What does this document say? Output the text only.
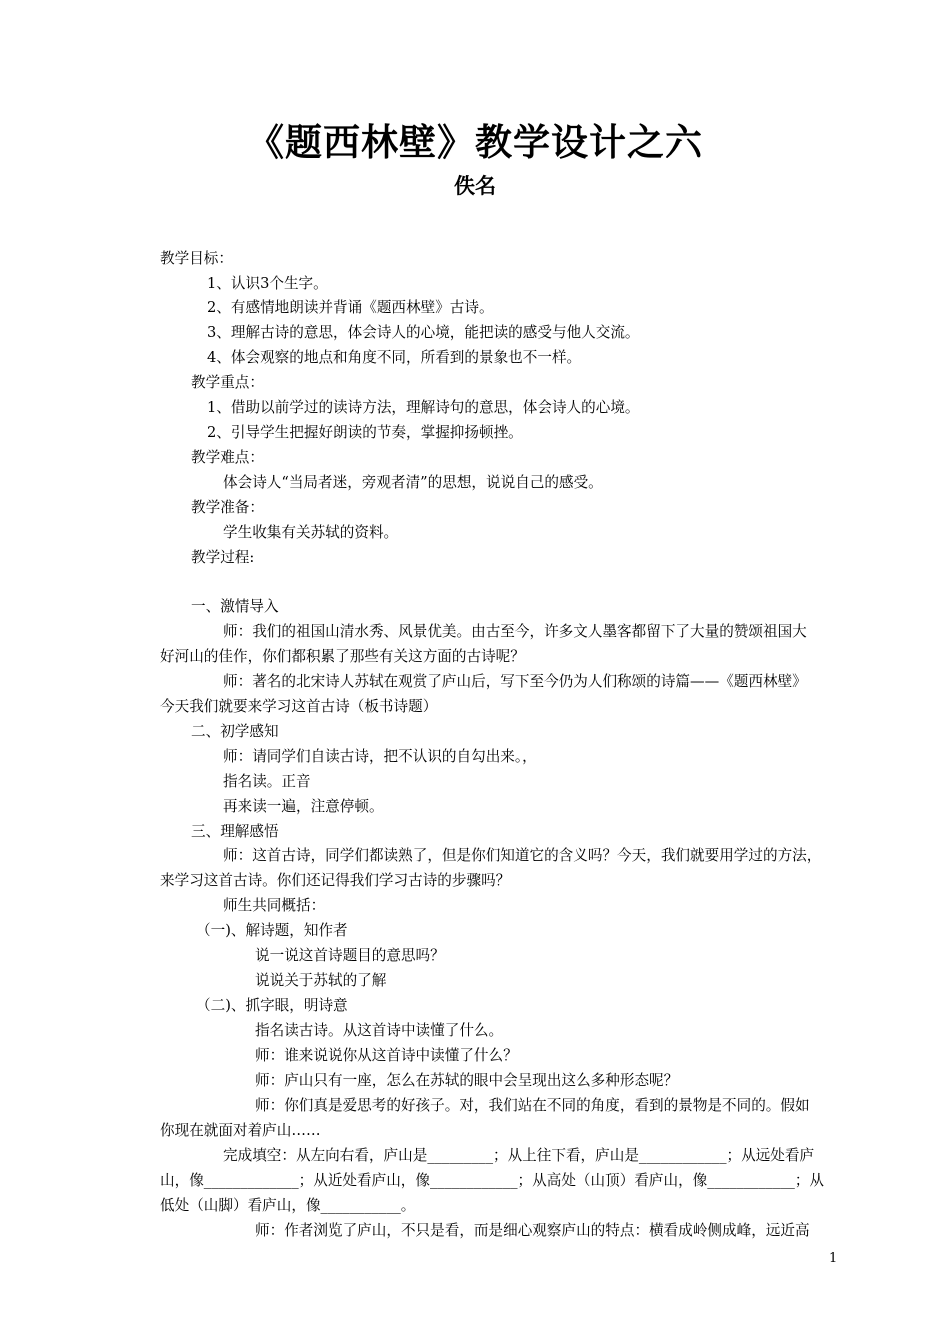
《题西林壁》教学设计之六
佚名
教学目标：
1、认识3个生字。
2、有感情地朗读并背诵《题西林壁》古诗。
3、理解古诗的意思，体会诗人的心境，能把读的感受与他人交流。
4、体会观察的地点和角度不同，所看到的景象也不一样。
教学重点：
1、借助以前学过的读诗方法，理解诗句的意思，体会诗人的心境。
2、引导学生把握好朗读的节奏，掌握抑扬顿挫。
教学难点：
体会诗人“当局者迷，旁观者清”的思想，说说自己的感受。
教学准备：
学生收集有关苏轼的资料。
教学过程:
一、激情导入
师：我们的祖国山清水秀、风景优美。由古至今，许多文人墨客都留下了大量的赞颂祖国大
好河山的佳作，你们都积累了那些有关这方面的古诗呢？
师：著名的北宋诗人苏轼在观赏了庐山后，写下至今仍为人们称颂的诗篇——《题西林壁》
今天我们就要来学习这首古诗（板书诗题）
二、初学感知
师：请同学们自读古诗，把不认识的自勾出来。，
指名读。正音
再来读一遍，注意停顿。
三、理解感悟
师：这首古诗，同学们都读熟了，但是你们知道它的含义吗？今天，我们就要用学过的方法，
来学习这首古诗。你们还记得我们学习古诗的步骤吗？
师生共同概括：
（一)、解诗题，知作者
说一说这首诗题目的意思吗？
说说关于苏轼的了解
（二)、抓字眼，明诗意
指名读古诗。从这首诗中读懂了什么。
师：谁来说说你从这首诗中读懂了什么？
师：庐山只有一座，怎么在苏轼的眼中会呈现出这么多种形态呢？
师：你们真是爱思考的好孩子。对，我们站在不同的角度，看到的景物是不同的。假如
你现在就面对着庐山……
完成填空：从左向右看，庐山是_________；从上往下看，庐山是____________；从远处看庐
山，像_____________；从近处看庐山，像____________；从高处（山顶）看庐山，像____________；从
低处（山脚）看庐山，像___________。
师：作者浏览了庐山，不只是看，而是细心观察庐山的特点：横看成岭侧成峰，远近高
1
